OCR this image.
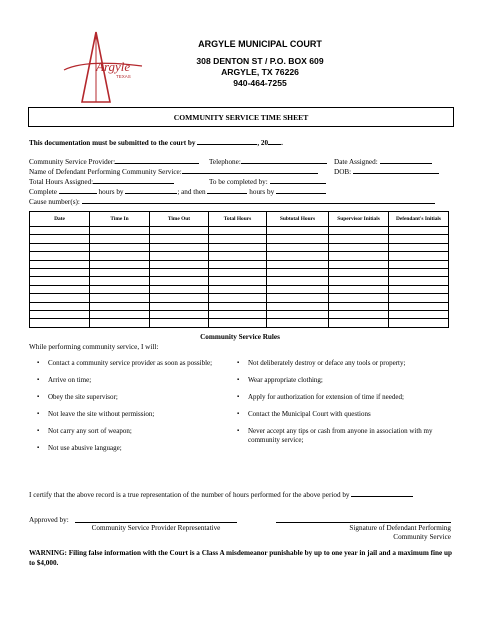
Argyle
TEXAS
ARGYLE MUNICIPAL COURT
308 DENTON ST / P.O. BOX 609
ARGYLE, TX 76226
940-464-7255
COMMUNITY SERVICE TIME SHEET
This documentation must be submitted to the court by	, 20 .
Community Service Provider:	Telephone:	Date Assigned:
Name of Defendant Performing Community Service:	DOB:
Total Hours Assigned:	To be completed by:
Complete	hours by	; and then	hours by
Cause number(s):
Date	Time In	Time Out	Total Hours	Subtotal Hours	Supervisor Initials	Defendant's Initials

Community Service Rules
While performing community service, I will:
▪ Contact a community service provider as soon as possible;
▪ Arrive on time;
▪ Obey the site supervisor;
▪ Not leave the site without permission;
▪ Not carry any sort of weapon;
▪ Not use abusive language;
▪ Not deliberately destroy or deface any tools or property;
▪ Wear appropriate clothing;
▪ Apply for authorization for extension of time if needed;
▪ Contact the Municipal Court with questions
▪ Never accept any tips or cash from anyone in association with my community service;
I certify that the above record is a true representation of the number of hours performed for the above period by
Approved by:
Community Service Provider Representative	Signature of Defendant Performing
Community Service
WARNING: Filing false information with the Court is a Class A misdemeanor punishable by up to one year in jail and a maximum fine up to $4,000.
